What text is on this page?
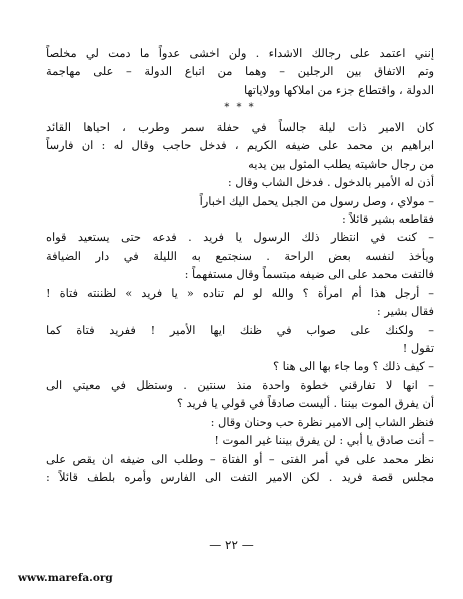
إنني اعتمد على رجالك الاشداء . ولن اخشى عدواً ما دمت لي مخلصاً
وتم الاتفاق بين الرجلين – وهما من اتباع الدولة – على مهاجمة
الدولة ، واقتطاع جزء من املاكها وولاياتها
* * *
كان الامير ذات ليلة جالساً في حفلة سمر وطرب ، احياها القائد
ابراهيم بن محمد على ضيفه الكريم ، فدخل حاجب وقال له : ان فارساً
من رجال حاشيته يطلب المثول بين يديه
أذن له الأمير بالدخول . فدخل الشاب وقال :
– مولاي ، وصل رسول من الجبل يحمل اليك اخباراً
فقاطعه بشير قائلاً :
– كنت في انتظار ذلك الرسول يا فريد . فدعه حتى يستعيد قواه
ويأخذ لنفسه بعض الراحة . سنجتمع به الليلة في دار الضيافة
فالتفت محمد على الى ضيفه مبتسماً وقال مستفهماً :
– أرجل هذا أم امرأة ؟ والله لو لم تناده « يا فريد » لظننته فتاة !
فقال بشير :
– ولكنك على صواب في ظنك ايها الأمير ! ففريد فتاة كما
تقول !
– كيف ذلك ؟ وما جاء بها الى هنا ؟
– انها لا تفارقني خطوة واحدة منذ سنتين . وستظل في معيتي الى
أن يفرق الموت بيننا . أليست صادقاً في قولي يا فريد ؟
فنظر الشاب إلى الامير نظرة حب وحنان وقال :
– أنت صادق يا أبي : لن يفرق بيننا غير الموت !
نظر محمد على في أمر الفتى – أو الفتاة – وطلب الى ضيفه ان يقص على
مجلس قصة فريد . لكن الامير التفت الى الفارس وأمره بلطف قائلاً :
— ٢٢ —
www.marefa.org
